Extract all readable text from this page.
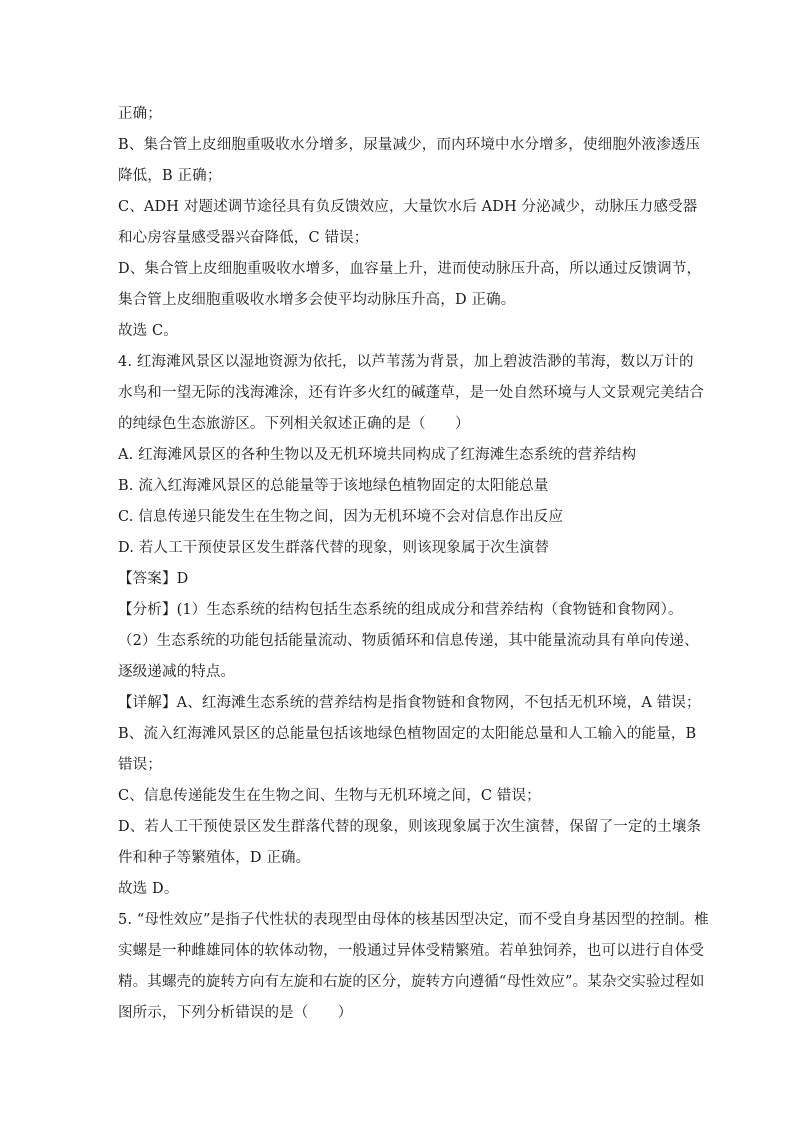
正确；
B、集合管上皮细胞重吸收水分增多，尿量减少，而内环境中水分增多，使细胞外液渗透压
降低，B 正确；
C、ADH 对题述调节途径具有负反馈效应，大量饮水后 ADH 分泌减少，动脉压力感受器
和心房容量感受器兴奋降低，C 错误；
D、集合管上皮细胞重吸收水增多，血容量上升，进而使动脉压升高，所以通过反馈调节，
集合管上皮细胞重吸收水增多会使平均动脉压升高，D 正确。
故选 C。
4. 红海滩风景区以湿地资源为依托，以芦苇荡为背景，加上碧波浩渺的苇海，数以万计的
水鸟和一望无际的浅海滩涂，还有许多火红的碱蓬草，是一处自然环境与人文景观完美结合
的纯绿色生态旅游区。下列相关叙述正确的是（　　）
A. 红海滩风景区的各种生物以及无机环境共同构成了红海滩生态系统的营养结构
B. 流入红海滩风景区的总能量等于该地绿色植物固定的太阳能总量
C. 信息传递只能发生在生物之间，因为无机环境不会对信息作出反应
D. 若人工干预使景区发生群落代替的现象，则该现象属于次生演替
【答案】D
【分析】(1）生态系统的结构包括生态系统的组成成分和营养结构（食物链和食物网）。
（2）生态系统的功能包括能量流动、物质循环和信息传递，其中能量流动具有单向传递、
逐级递减的特点。
【详解】A、红海滩生态系统的营养结构是指食物链和食物网，不包括无机环境，A 错误；
B、流入红海滩风景区的总能量包括该地绿色植物固定的太阳能总量和人工输入的能量，B
错误；
C、信息传递能发生在生物之间、生物与无机环境之间，C 错误；
D、若人工干预使景区发生群落代替的现象，则该现象属于次生演替，保留了一定的土壤条
件和种子等繁殖体，D 正确。
故选 D。
5. “母性效应”是指子代性状的表现型由母体的核基因型决定，而不受自身基因型的控制。椎
实螺是一种雌雄同体的软体动物，一般通过异体受精繁殖。若单独饲养，也可以进行自体受
精。其螺壳的旋转方向有左旋和右旋的区分，旋转方向遵循“母性效应”。某杂交实验过程如
图所示，下列分析错误的是（　　）
